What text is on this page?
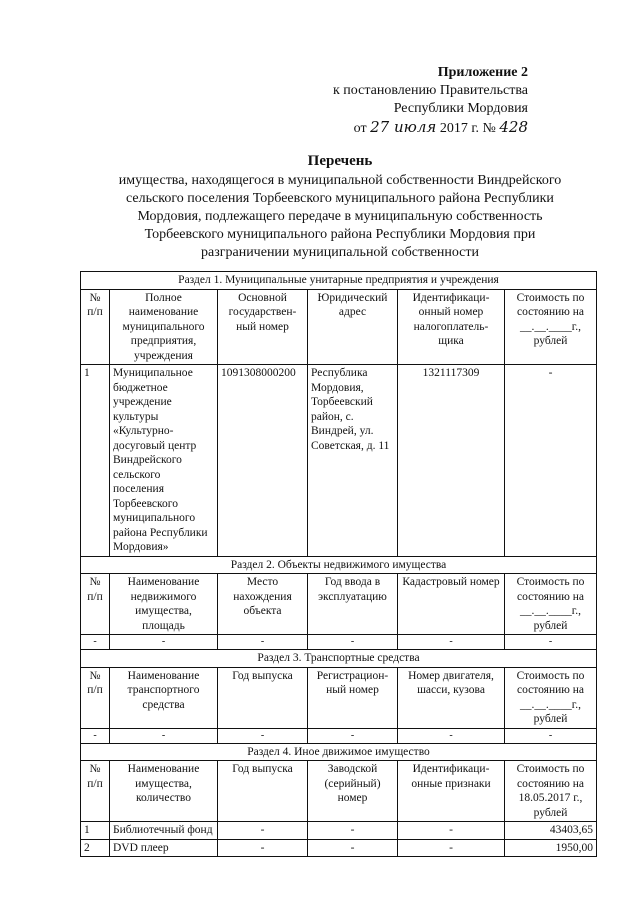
Приложение 2
к постановлению Правительства
Республики Мордовия
от 27 июля 2017 г. № 428
Перечень
имущества, находящегося в муниципальной собственности Виндрейского
сельского поселения Торбеевского муниципального района Республики
Мордовия, подлежащего передаче в муниципальную собственность
Торбеевского муниципального района Республики Мордовия при
разграничении муниципальной собственности
Раздел 1. Муниципальные унитарные предприятия и учреждения					
№ п/п	Полное наименование муниципального предприятия, учреждения	Основной государствен-ный номер	Юридический адрес	Идентификаци-онный номер налогоплатель-щика	Стоимость по состоянию на __.__.____г., рублей
1	Муниципальное бюджетное учреждение культуры «Культурно-досуговый центр Виндрейского сельского поселения Торбеевского муниципального района Республики Мордовия»	1091308000200	Республика Мордовия, Торбеевский район, с. Виндрей, ул. Советская, д. 11	1321117309	-
Раздел 2. Объекты недвижимого имущества					
№ п/п	Наименование недвижимого имущества, площадь	Место нахождения объекта	Год ввода в эксплуатацию	Кадастровый номер	Стоимость по состоянию на __.__.____г., рублей
-	-	-	-	-	-
Раздел 3. Транспортные средства					
№ п/п	Наименование транспортного средства	Год выпуска	Регистрацион-ный номер	Номер двигателя, шасси, кузова	Стоимость по состоянию на __.__.____г., рублей
-	-	-	-	-	-
Раздел 4. Иное движимое имущество					
№ п/п	Наименование имущества, количество	Год выпуска	Заводской (серийный) номер	Идентификаци-онные признаки	Стоимость по состоянию на 18.05.2017 г., рублей
1	Библиотечный фонд	-	-	-	43403,65
2	DVD плеер	-	-	-	1950,00
